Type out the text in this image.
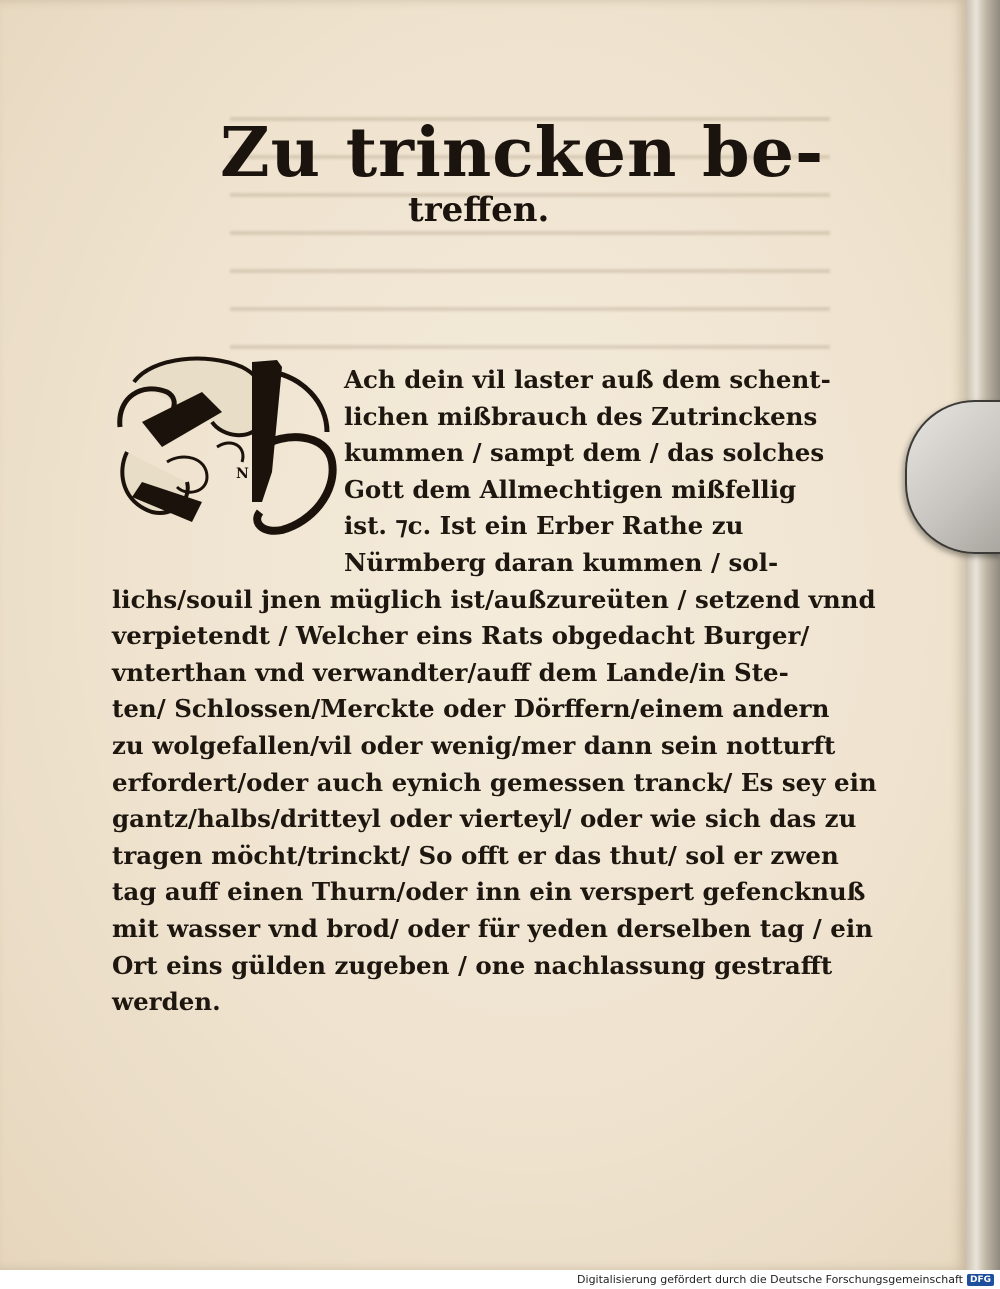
Zu trincken be-
treffen.
N
Ach dein vil laster auß dem schent-
lichen mißbrauch des Zutrinckens
kummen / sampt dem / das solches
Gott dem Allmechtigen mißfellig
ist. ⁊c. Ist ein Erber Rathe zu
Nürmberg daran kummen / sol-
lichs/souil jnen müglich ist/außzureüten / setzend vnnd
verpietendt / Welcher eins Rats obgedacht Burger/
vnterthan vnd verwandter/auff dem Lande/in Ste-
ten/ Schlossen/Merckte oder Dörffern/einem andern
zu wolgefallen/vil oder wenig/mer dann sein notturft
erfordert/oder auch eynich gemessen tranck/ Es sey ein
gantz/halbs/dritteyl oder vierteyl/ oder wie sich das zu
tragen möcht/trinckt/ So offt er das thut/ sol er zwen
tag auff einen Thurn/oder inn ein verspert gefencknuß
mit wasser vnd brod/ oder für yeden derselben tag / ein
Ort eins gülden zugeben / one nachlassung gestrafft
werden.
Digitalisierung gefördert durch die Deutsche Forschungsgemeinschaft DFG
